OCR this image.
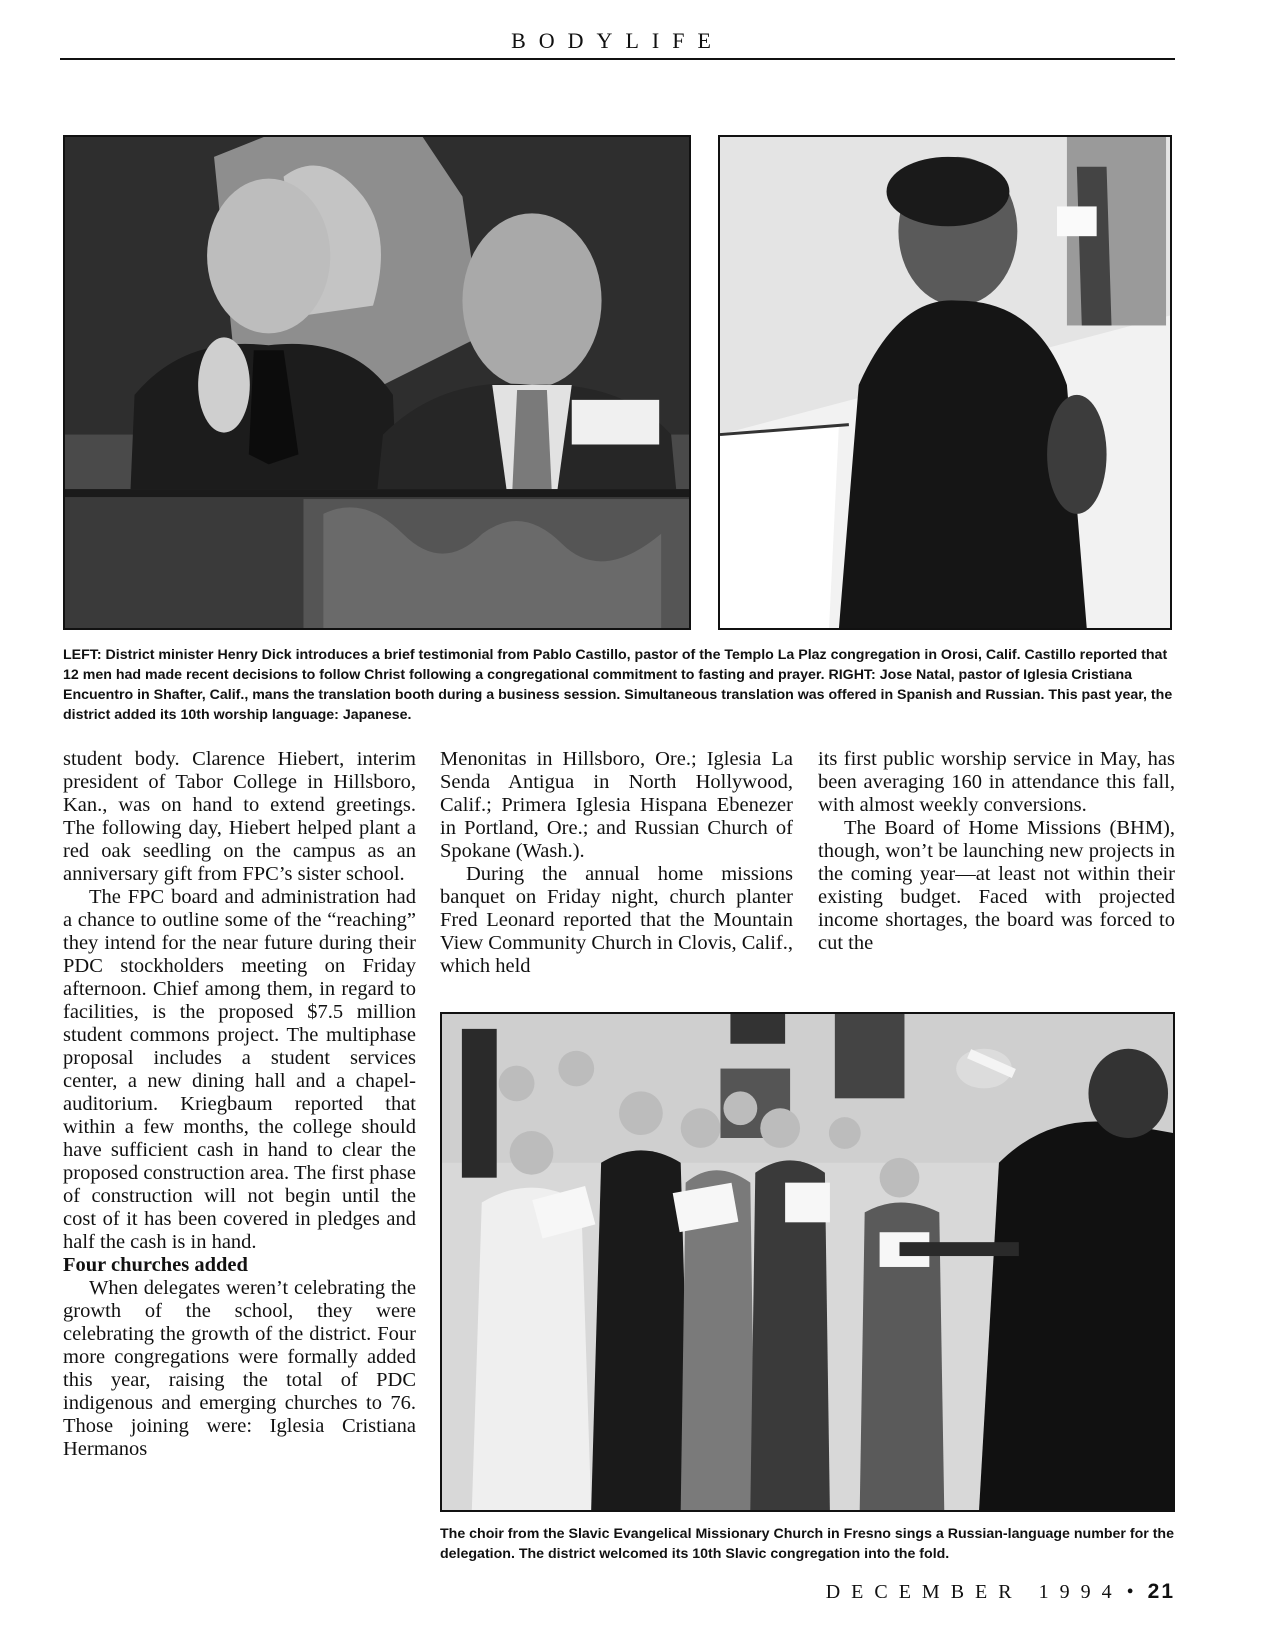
BODYLIFE
LEFT: District minister Henry Dick introduces a brief testimonial from Pablo Castillo, pastor of the Templo La Plaz congregation in Orosi, Calif. Castillo reported that 12 men had made recent decisions to follow Christ following a congregational commitment to fasting and prayer. RIGHT: Jose Natal, pastor of Iglesia Cristiana Encuentro in Shafter, Calif., mans the translation booth during a business session. Simultaneous translation was offered in Spanish and Russian. This past year, the district added its 10th worship language: Japanese.

student body. Clarence Hiebert, interim president of Tabor College in Hillsboro, Kan., was on hand to extend greetings. The following day, Hiebert helped plant a red oak seedling on the campus as an anniversary gift from FPC’s sister school.

The FPC board and administration had a chance to outline some of the “reaching” they intend for the near future during their PDC stockholders meeting on Friday afternoon. Chief among them, in regard to facilities, is the proposed $7.5 million student commons project. The multiphase proposal includes a student services center, a new dining hall and a chapel-auditorium. Kriegbaum reported that within a few months, the college should have sufficient cash in hand to clear the proposed construction area. The first phase of construction will not begin until the cost of it has been covered in pledges and half the cash is in hand.

Four churches added

When delegates weren’t celebrating the growth of the school, they were celebrating the growth of the district. Four more congregations were formally added this year, raising the total of PDC indigenous and emerging churches to 76. Those joining were: Iglesia Cristiana Hermanos

Menonitas in Hillsboro, Ore.; Iglesia La Senda Antigua in North Hollywood, Calif.; Primera Iglesia Hispana Ebenezer in Portland, Ore.; and Russian Church of Spokane (Wash.).

During the annual home missions banquet on Friday night, church planter Fred Leonard reported that the Mountain View Community Church in Clovis, Calif., which held

its first public worship service in May, has been averaging 160 in attendance this fall, with almost weekly conversions.

The Board of Home Missions (BHM), though, won’t be launching new projects in the coming year—at least not within their existing budget. Faced with projected income shortages, the board was forced to cut the

The choir from the Slavic Evangelical Missionary Church in Fresno sings a Russian-language number for the delegation. The district welcomed its 10th Slavic congregation into the fold.
DECEMBER 1994 • 21
